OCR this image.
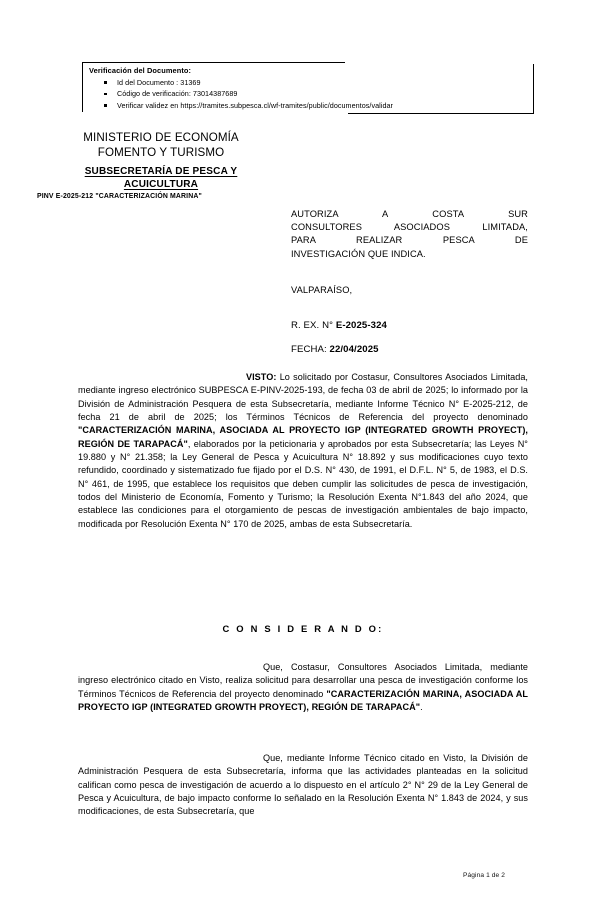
Verificación del Documento:
Id del Documento : 31369
Código de verificación: 73014387689
Verificar validez en https://tramites.subpesca.cl/wf-tramites/public/documentos/validar
MINISTERIO DE ECONOMÍA
FOMENTO Y TURISMO
SUBSECRETARÍA DE PESCA Y
ACUICULTURA
PINV E-2025-212 "CARACTERIZACIÓN MARINA"
AUTORIZA A COSTA SUR
CONSULTORES ASOCIADOS LIMITADA,
PARA REALIZAR PESCA DE
INVESTIGACIÓN QUE INDICA.
VALPARAÍSO,
R. EX. N° E-2025-324
FECHA: 22/04/2025
VISTO: Lo solicitado por Costasur, Consultores Asociados Limitada, mediante ingreso electrónico SUBPESCA E-PINV-2025-193, de fecha 03 de abril de 2025; lo informado por la División de Administración Pesquera de esta Subsecretaría, mediante Informe Técnico N° E-2025-212, de fecha 21 de abril de 2025; los Términos Técnicos de Referencia del proyecto denominado "CARACTERIZACIÓN MARINA, ASOCIADA AL PROYECTO IGP (INTEGRATED GROWTH PROYECT), REGIÓN DE TARAPACÁ", elaborados por la peticionaria y aprobados por esta Subsecretaría; las Leyes N° 19.880 y N° 21.358; la Ley General de Pesca y Acuicultura N° 18.892 y sus modificaciones cuyo texto refundido, coordinado y sistematizado fue fijado por el D.S. N° 430, de 1991, el D.F.L. N° 5, de 1983, el D.S. N° 461, de 1995, que establece los requisitos que deben cumplir las solicitudes de pesca de investigación, todos del Ministerio de Economía, Fomento y Turismo; la Resolución Exenta N°1.843 del año 2024, que establece las condiciones para el otorgamiento de pescas de investigación ambientales de bajo impacto, modificada por Resolución Exenta N° 170 de 2025, ambas de esta Subsecretaría.
C O N S I D E R A N D O:
Que, Costasur, Consultores Asociados Limitada, mediante ingreso electrónico citado en Visto, realiza solicitud para desarrollar una pesca de investigación conforme los Términos Técnicos de Referencia del proyecto denominado "CARACTERIZACIÓN MARINA, ASOCIADA AL PROYECTO IGP (INTEGRATED GROWTH PROYECT), REGIÓN DE TARAPACÁ".
Que, mediante Informe Técnico citado en Visto, la División de Administración Pesquera de esta Subsecretaría, informa que las actividades planteadas en la solicitud califican como pesca de investigación de acuerdo a lo dispuesto en el artículo 2° N° 29 de la Ley General de Pesca y Acuicultura, de bajo impacto conforme lo señalado en la Resolución Exenta N° 1.843 de 2024, y sus modificaciones, de esta Subsecretaría, que
Página 1 de 2
